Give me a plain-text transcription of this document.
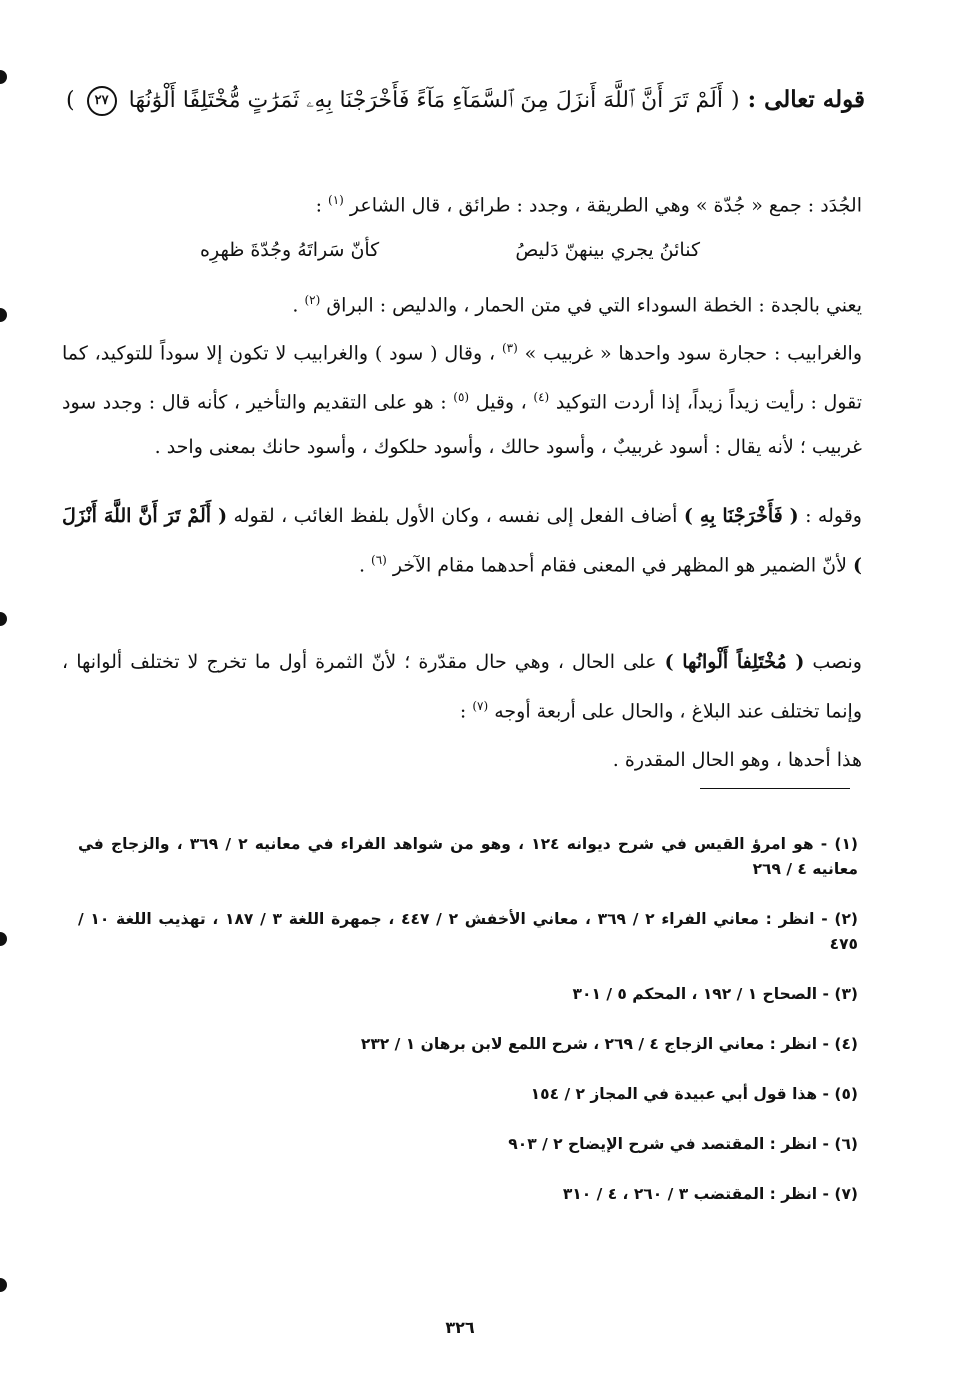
قوله تعالى : ( أَلَمْ تَرَ أَنَّ ٱللَّهَ أَنزَلَ مِنَ ٱلسَّمَآءِ مَآءً فَأَخْرَجْنَا بِهِۦ ثَمَرَٰتٍ مُّخْتَلِفًا أَلْوَٰنُهَا ٢٧ )
الجُدَد : جمع « جُدّة » وهي الطريقة ، وجدد : طرائق ، قال الشاعر $^{(١)}$ :
كأنّ سَراتَهُ وجُدّةَ ظهرِه	كنائنُ يجري بينهنّ دَليصُ
يعني بالجدة : الخطة السوداء التي في متن الحمار ، والدليص : البراق $^{(٢)}$ .
والغرابيب : حجارة سود واحدها « غربيب » $^{(٣)}$ ، وقال ( سود ) والغرابيب لا تكون إلا سوداً للتوكيد، كما تقول : رأيت زيداً زيداً، إذا أردت التوكيد $^{(٤)}$ ، وقيل $^{(٥)}$ : هو على التقديم والتأخير ، كأنه قال : وجدد سود غربيب ؛ لأنه يقال : أسود غربيبٌ ، وأسود حالك ، وأسود حلكوك ، وأسود حانك بمعنى واحد .
وقوله : ( فَأَخْرَجْنَا بِهِ ) أضاف الفعل إلى نفسه ، وكان الأول بلفظ الغائب ، لقوله ( أَلَمْ تَرَ أَنَّ اللَّهَ أَنْزَلَ ) لأنّ الضمير هو المظهر في المعنى فقام أحدهما مقام الآخر $^{(٦)}$ .
ونصب ( مُخْتَلِفاً أَلْوانُها ) على الحال ، وهي حال مقدّرة ؛ لأنّ الثمرة أول ما تخرج لا تختلف ألوانها ، وإنما تختلف عند البلاغ ، والحال على أربعة أوجه $^{(٧)}$ :
هذا أحدها ، وهو الحال المقدرة .
(١) - هو امرؤ القيس في شرح ديوانه ١٢٤ ، وهو من شواهد الفراء في معانيه ٢ / ٣٦٩ ، والزجاج في معانيه ٤ / ٢٦٩
(٢) - انظر : معاني الفراء ٢ / ٣٦٩ ، معاني الأخفش ٢ / ٤٤٧ ، جمهرة اللغة ٣ / ١٨٧ ، تهذيب اللغة ١٠ / ٤٧٥
(٣) - الصحاح ١ / ١٩٢ ، المحكم ٥ / ٣٠١
(٤) - انظر : معاني الزجاج ٤ / ٢٦٩ ، شرح اللمع لابن برهان ١ / ٢٣٢
(٥) - هذا قول أبي عبيدة في المجاز ٢ / ١٥٤
(٦) - انظر : المقتصد في شرح الإيضاح ٢ / ٩٠٣
(٧) - انظر : المقتضب ٣ / ٢٦٠ ، ٤ / ٣١٠
٣٢٦
